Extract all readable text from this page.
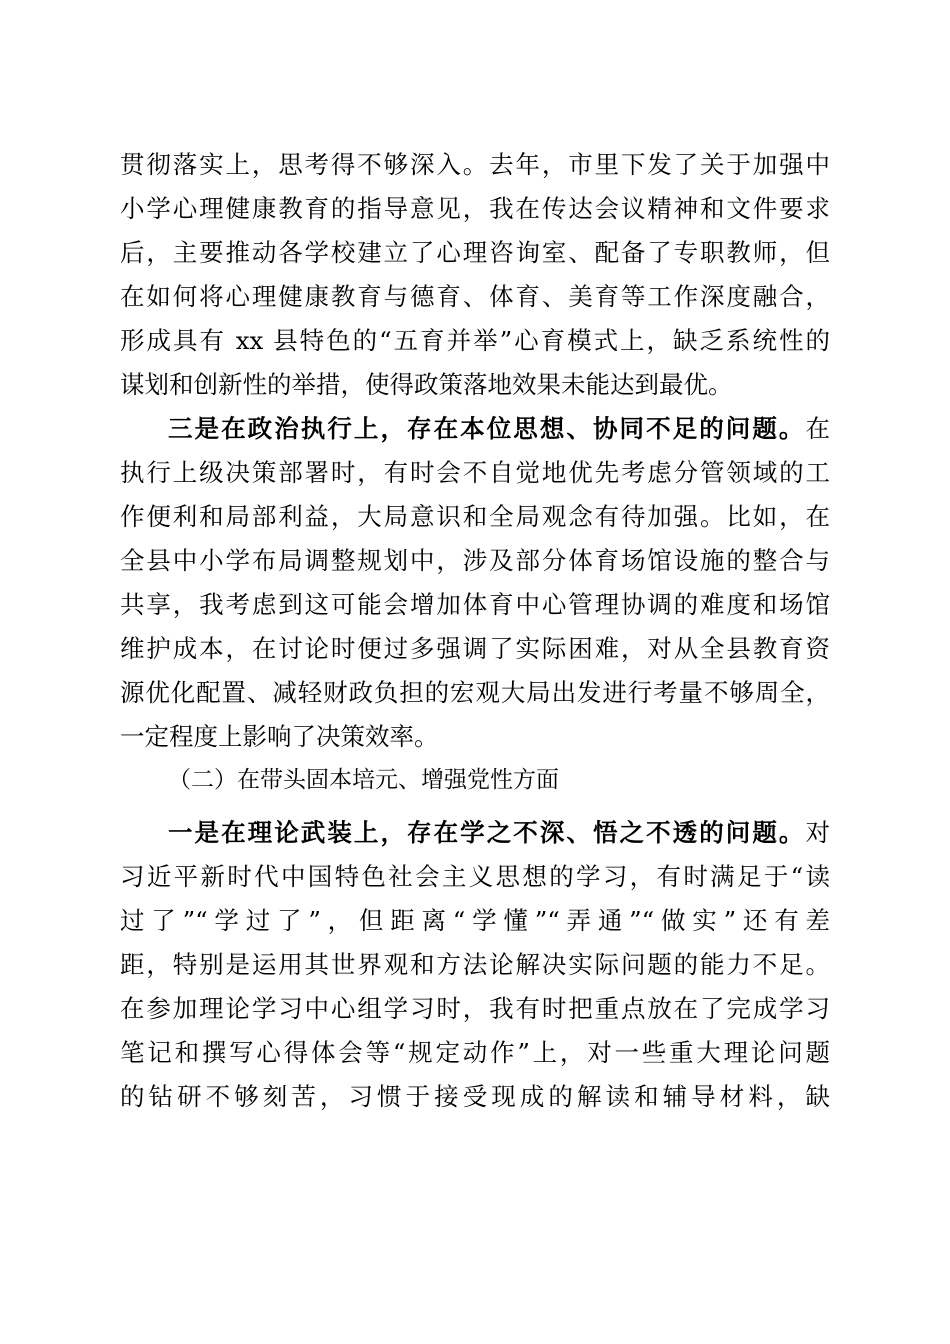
贯彻落实上，思考得不够深入。去年，市里下发了关于加强中
小学心理健康教育的指导意见，我在传达会议精神和文件要求
后，主要推动各学校建立了心理咨询室、配备了专职教师，但
在如何将心理健康教育与德育、体育、美育等工作深度融合，
形成具有 xx 县特色的“五育并举”心育模式上，缺乏系统性的
谋划和创新性的举措，使得政策落地效果未能达到最优。
三是在政治执行上，存在本位思想、协同不足的问题。在
执行上级决策部署时，有时会不自觉地优先考虑分管领域的工
作便利和局部利益，大局意识和全局观念有待加强。比如，在
全县中小学布局调整规划中，涉及部分体育场馆设施的整合与
共享，我考虑到这可能会增加体育中心管理协调的难度和场馆
维护成本，在讨论时便过多强调了实际困难，对从全县教育资
源优化配置、减轻财政负担的宏观大局出发进行考量不够周全，
一定程度上影响了决策效率。
（二）在带头固本培元、增强党性方面
一是在理论武装上，存在学之不深、悟之不透的问题。对
习近平新时代中国特色社会主义思想的学习，有时满足于“读
过了”“学过了”，但距离“学懂”“弄通”“做实”还有差
距，特别是运用其世界观和方法论解决实际问题的能力不足。
在参加理论学习中心组学习时，我有时把重点放在了完成学习
笔记和撰写心得体会等“规定动作”上，对一些重大理论问题
的钻研不够刻苦，习惯于接受现成的解读和辅导材料，缺
